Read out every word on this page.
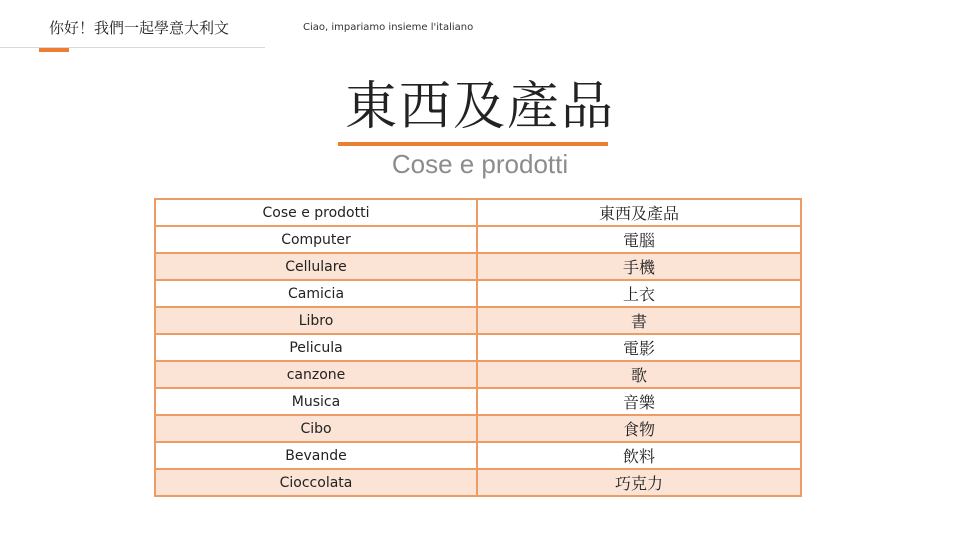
你好！我們一起學意大利文	Ciao, impariamo insieme l'italiano
東西及產品
Cose e prodotti
Cose e prodotti	東西及產品
Computer	電腦
Cellulare	手機
Camicia	上衣
Libro	書
Pelicula	電影
canzone	歌
Musica	音樂
Cibo	食物
Bevande	飲料
Cioccolata	巧克力
